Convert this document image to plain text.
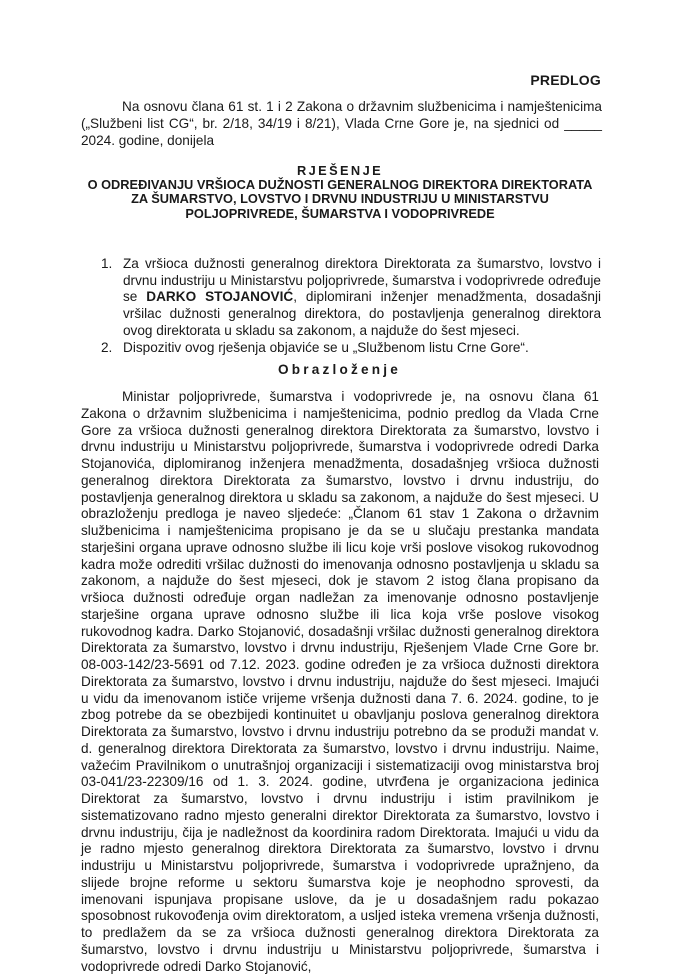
PREDLOG

Na osnovu člana 61 st. 1 i 2 Zakona o državnim službenicima i namještenicima („Službeni list CG“, br. 2/18, 34/19 i 8/21), Vlada Crne Gore je, na sjednici od _____ 2024. godine, donijela

RJEŠENJE
O ODREĐIVANJU VRŠIOCA DUŽNOSTI GENERALNOG DIREKTORA DIREKTORATA
ZA ŠUMARSTVO, LOVSTVO I DRVNU INDUSTRIJU U MINISTARSTVU
POLJOPRIVREDE, ŠUMARSTVA I VODOPRIVREDE
1. Za vršioca dužnosti generalnog direktora Direktorata za šumarstvo, lovstvo i drvnu industriju u Ministarstvu poljoprivrede, šumarstva i vodoprivrede određuje se DARKO STOJANOVIĆ, diplomirani inženjer menadžmenta, dosadašnji vršilac dužnosti generalnog direktora, do postavljenja generalnog direktora ovog direktorata u skladu sa zakonom, a najduže do šest mjeseci.
2. Dispozitiv ovog rješenja objaviće se u „Službenom listu Crne Gore“.
Obrazloženje

Ministar poljoprivrede, šumarstva i vodoprivrede je, na osnovu člana 61 Zakona o državnim službenicima i namještenicima, podnio predlog da Vlada Crne Gore za vršioca dužnosti generalnog direktora Direktorata za šumarstvo, lovstvo i drvnu industriju u Ministarstvu poljoprivrede, šumarstva i vodoprivrede odredi Darka Stojanovića, diplomiranog inženjera menadžmenta, dosadašnjeg vršioca dužnosti generalnog direktora Direktorata za šumarstvo, lovstvo i drvnu industriju, do postavljenja generalnog direktora u skladu sa zakonom, a najduže do šest mjeseci. U obrazloženju predloga je naveo sljedeće: „Članom 61 stav 1 Zakona o državnim službenicima i namještenicima propisano je da se u slučaju prestanka mandata starješini organa uprave odnosno službe ili licu koje vrši poslove visokog rukovodnog kadra može odrediti vršilac dužnosti do imenovanja odnosno postavljenja u skladu sa zakonom, a najduže do šest mjeseci, dok je stavom 2 istog člana propisano da vršioca dužnosti određuje organ nadležan za imenovanje odnosno postavljenje starješine organa uprave odnosno službe ili lica koja vrše poslove visokog rukovodnog kadra. Darko Stojanović, dosadašnji vršilac dužnosti generalnog direktora Direktorata za šumarstvo, lovstvo i drvnu industriju, Rješenjem Vlade Crne Gore br. 08-003-142/23-5691 od 7.12. 2023. godine određen je za vršioca dužnosti direktora Direktorata za šumarstvo, lovstvo i drvnu industriju, najduže do šest mjeseci. Imajući u vidu da imenovanom ističe vrijeme vršenja dužnosti dana 7. 6. 2024. godine, to je zbog potrebe da se obezbijedi kontinuitet u obavljanju poslova generalnog direktora Direktorata za šumarstvo, lovstvo i drvnu industriju potrebno da se produži mandat v. d. generalnog direktora Direktorata za šumarstvo, lovstvo i drvnu industriju. Naime, važećim Pravilnikom o unutrašnjoj organizaciji i sistematizaciji ovog ministarstva broj 03-041/23-22309/16 od 1. 3. 2024. godine, utvrđena je organizaciona jedinica Direktorat za šumarstvo, lovstvo i drvnu industriju i istim pravilnikom je sistematizovano radno mjesto generalni direktor Direktorata za šumarstvo, lovstvo i drvnu industriju, čija je nadležnost da koordinira radom Direktorata. Imajući u vidu da je radno mjesto generalnog direktora Direktorata za šumarstvo, lovstvo i drvnu industriju u Ministarstvu poljoprivrede, šumarstva i vodoprivrede upražnjeno, da slijede brojne reforme u sektoru šumarstva koje je neophodno sprovesti, da imenovani ispunjava propisane uslove, da je u dosadašnjem radu pokazao sposobnost rukovođenja ovim direktoratom, a usljed isteka vremena vršenja dužnosti, to predlažem da se za vršioca dužnosti generalnog direktora Direktorata za šumarstvo, lovstvo i drvnu industriju u Ministarstvu poljoprivrede, šumarstva i vodoprivrede odredi Darko Stojanović,
